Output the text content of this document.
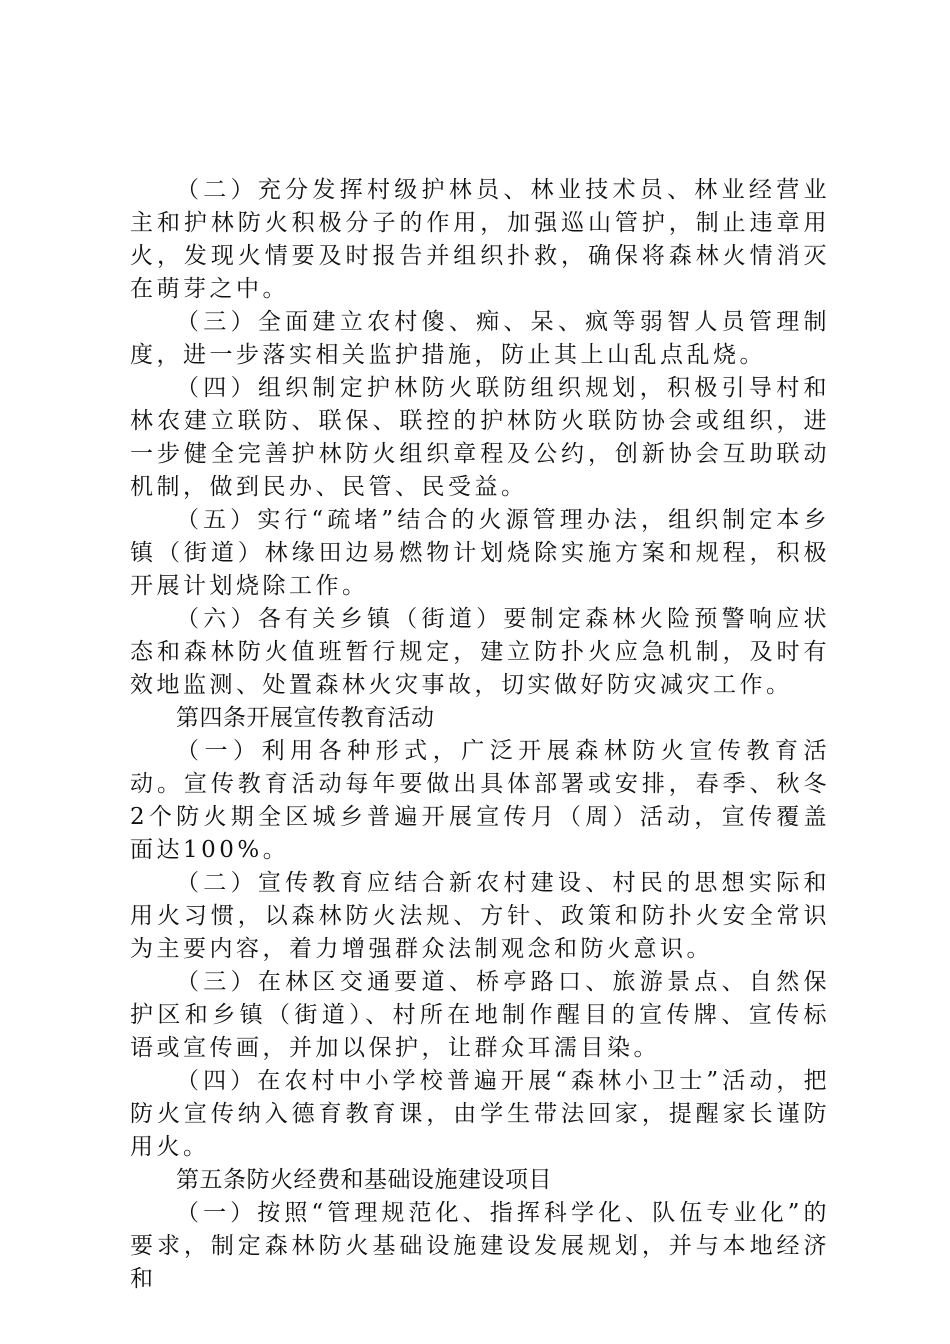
（二）充分发挥村级护林员、林业技术员、林业经营业主和护林防火积极分子的作用，加强巡山管护，制止违章用火，发现火情要及时报告并组织扑救，确保将森林火情消灭在萌芽之中。

（三）全面建立农村傻、痴、呆、疯等弱智人员管理制度，进一步落实相关监护措施，防止其上山乱点乱烧。

（四）组织制定护林防火联防组织规划，积极引导村和林农建立联防、联保、联控的护林防火联防协会或组织，进一步健全完善护林防火组织章程及公约，创新协会互助联动机制，做到民办、民管、民受益。

（五）实行“疏堵”结合的火源管理办法，组织制定本乡镇（街道）林缘田边易燃物计划烧除实施方案和规程，积极开展计划烧除工作。

（六）各有关乡镇（街道）要制定森林火险预警响应状态和森林防火值班暂行规定，建立防扑火应急机制，及时有效地监测、处置森林火灾事故，切实做好防灾减灾工作。

第四条开展宣传教育活动

（一）利用各种形式，广泛开展森林防火宣传教育活动。宣传教育活动每年要做出具体部署或安排，春季、秋冬2个防火期全区城乡普遍开展宣传月（周）活动，宣传覆盖面达100%。

（二）宣传教育应结合新农村建设、村民的思想实际和用火习惯，以森林防火法规、方针、政策和防扑火安全常识为主要内容，着力增强群众法制观念和防火意识。

（三）在林区交通要道、桥亭路口、旅游景点、自然保护区和乡镇（街道）、村所在地制作醒目的宣传牌、宣传标语或宣传画，并加以保护，让群众耳濡目染。

（四）在农村中小学校普遍开展“森林小卫士”活动，把防火宣传纳入德育教育课，由学生带法回家，提醒家长谨防用火。

第五条防火经费和基础设施建设项目

（一）按照“管理规范化、指挥科学化、队伍专业化”的要求，制定森林防火基础设施建设发展规划，并与本地经济和
